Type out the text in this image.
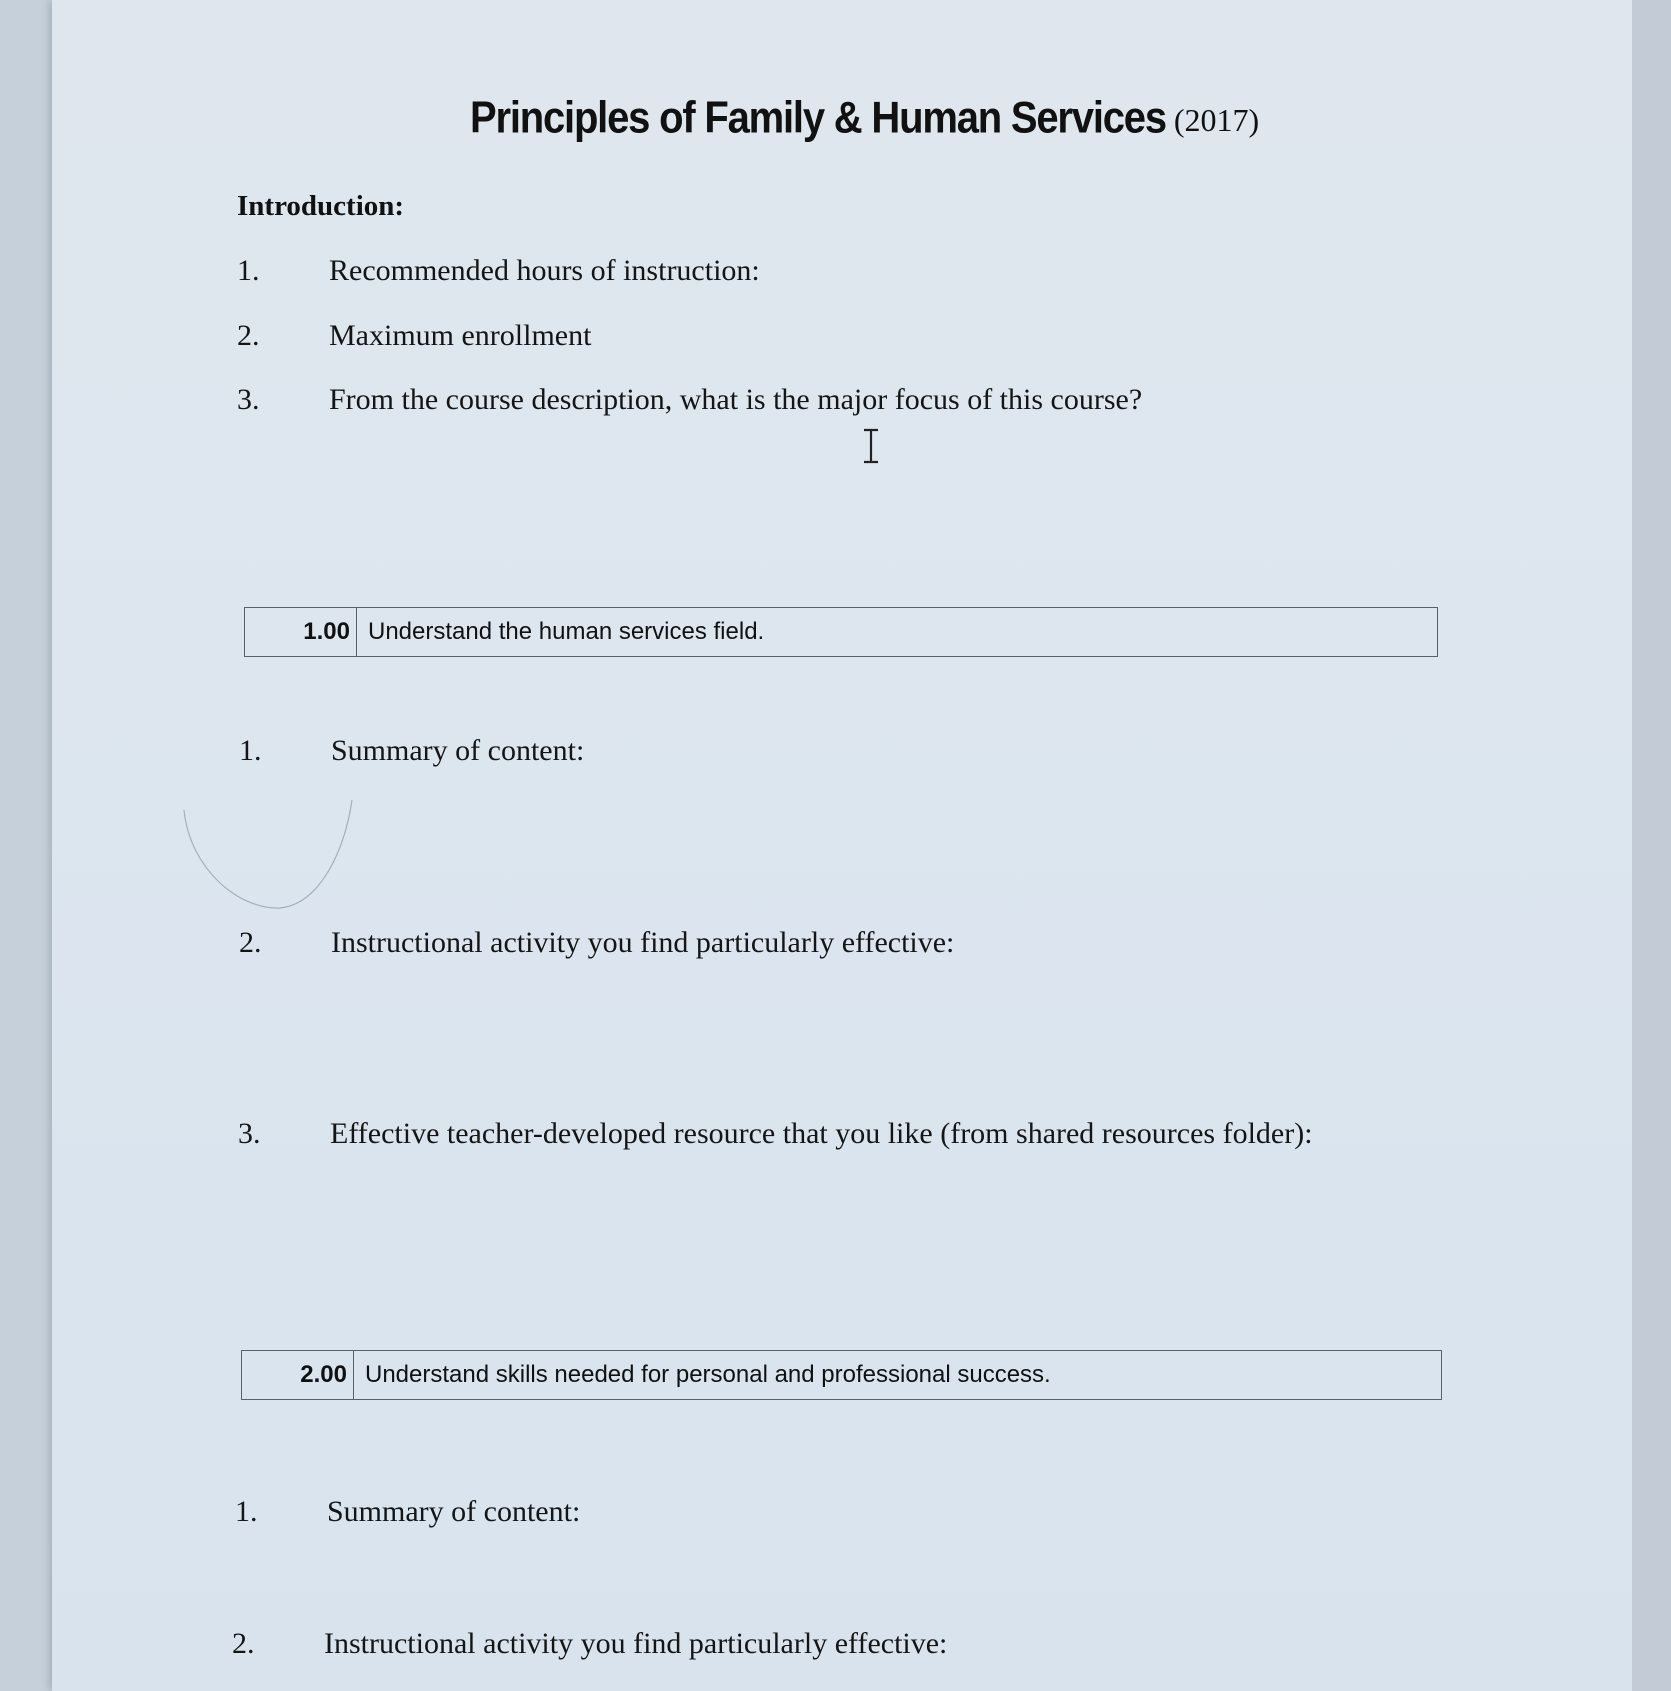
Principles of Family & Human Services (2017)
Introduction:
1. Recommended hours of instruction:
2. Maximum enrollment
3. From the course description, what is the major focus of this course?
1.00 Understand the human services field.
1. Summary of content:
2. Instructional activity you find particularly effective:
3. Effective teacher-developed resource that you like (from shared resources folder):
2.00 Understand skills needed for personal and professional success.
1. Summary of content:
2. Instructional activity you find particularly effective:
